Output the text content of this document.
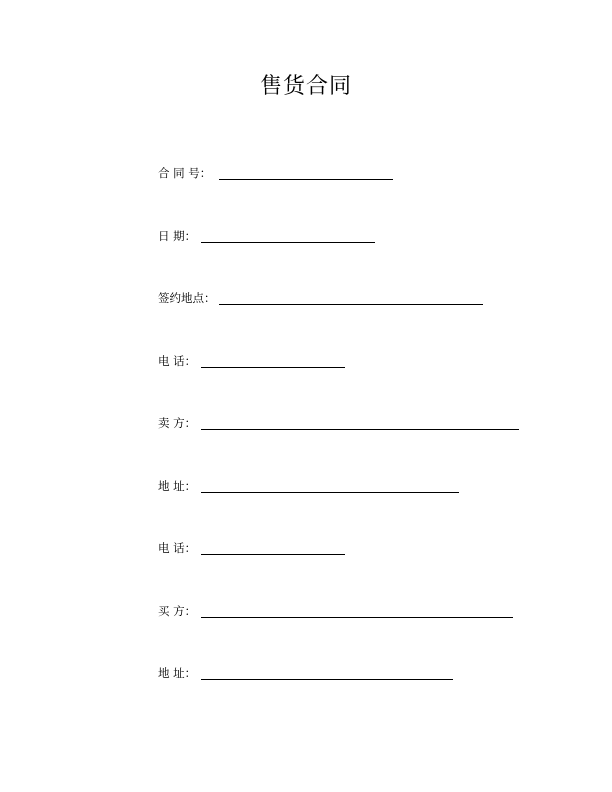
售货合同
合 同 号：
日 期：
签约地点：
电 话：
卖 方：
地 址：
电 话：
买 方：
地 址：
